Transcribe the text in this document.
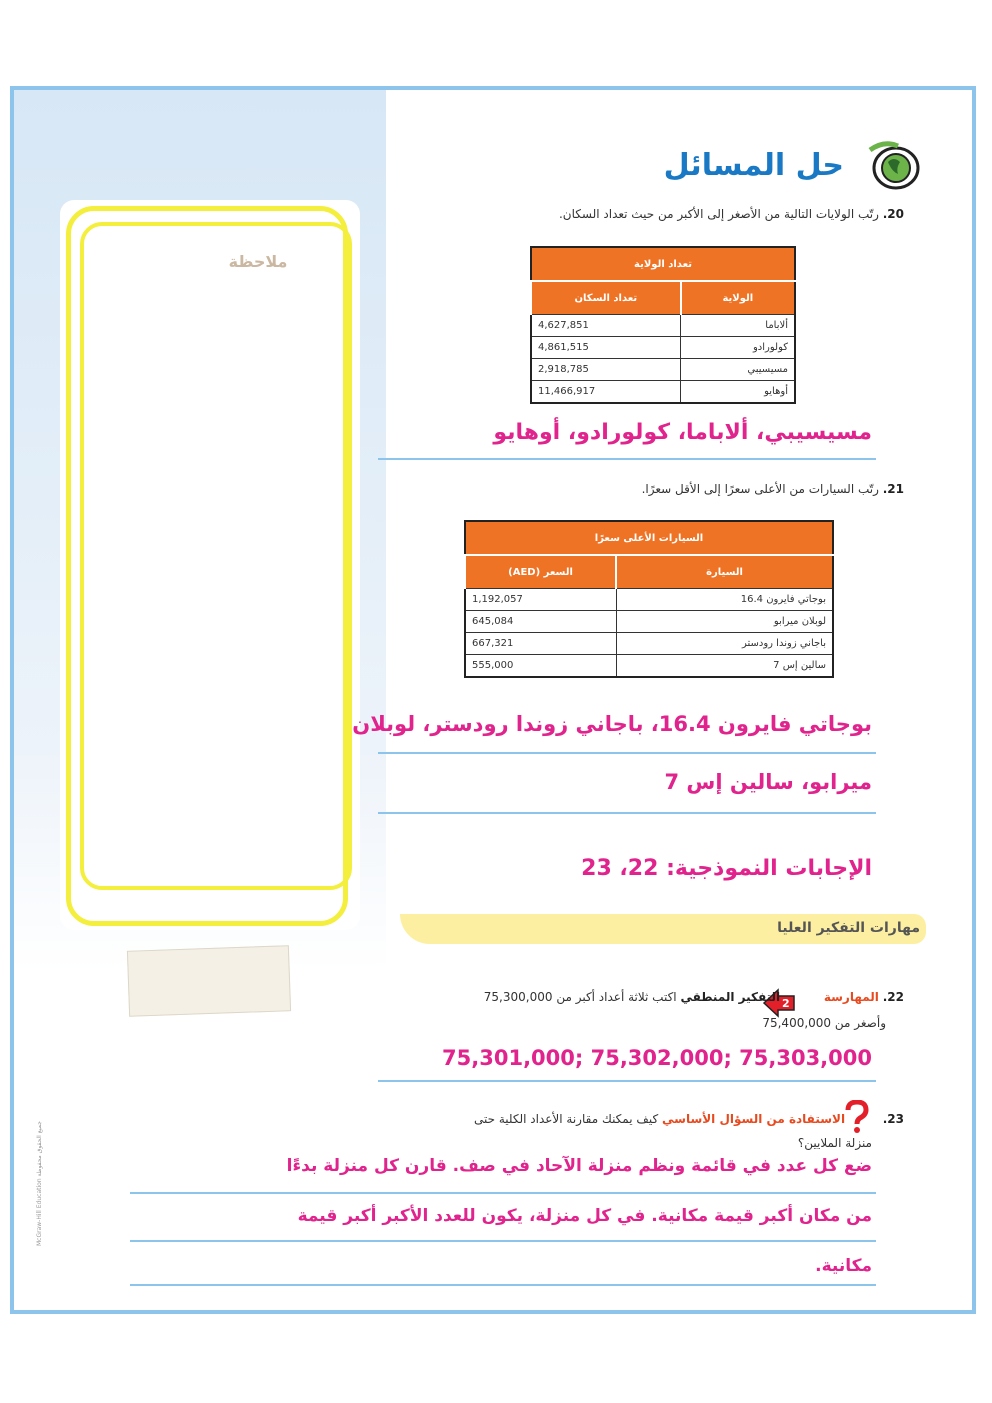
ملاحظة
McGraw-Hill Education جميع الحقوق محفوظة
حل المسائل
20. رتّب الولايات التالية من الأصغر إلى الأكبر من حيث تعداد السكان.
تعداد الولاية	
الولاية	تعداد السكان
ألاباما	4,627,851
كولورادو	4,861,515
مسيسيبي	2,918,785
أوهايو	11,466,917
مسيسيبي، ألاباما، كولورادو، أوهايو
21. رتّب السيارات من الأعلى سعرًا إلى الأقل سعرًا.
السيارات الأعلى سعرًا	
السيارة	السعر (AED)
بوجاتي فايرون 16.4	1,192,057
لوبلان ميرابو	645,084
باجاني زوندا رودستر	667,321
سالين إس 7	555,000
بوجاتي فايرون 16.4، باجاني زوندا رودستر، لوبلان
ميرابو، سالين إس 7
الإجابات النموذجية: 22، 23
مهارات التفكير العليا
2	22. المهارسة  التفكير المنطقي اكتب ثلاثة أعداد أكبر من 75,300,000
وأصغر من 75,400,000
75,301,000; 75,302,000; 75,303,000
23.  الاستفادة من السؤال الأساسي كيف يمكنك مقارنة الأعداد الكلية حتى
منزلة الملايين؟
ضع كل عدد في قائمة ونظم منزلة الآحاد في صف. قارن كل منزلة بدءًا
من مكان أكبر قيمة مكانية. في كل منزلة، يكون للعدد الأكبر أكبر قيمة
مكانية.
